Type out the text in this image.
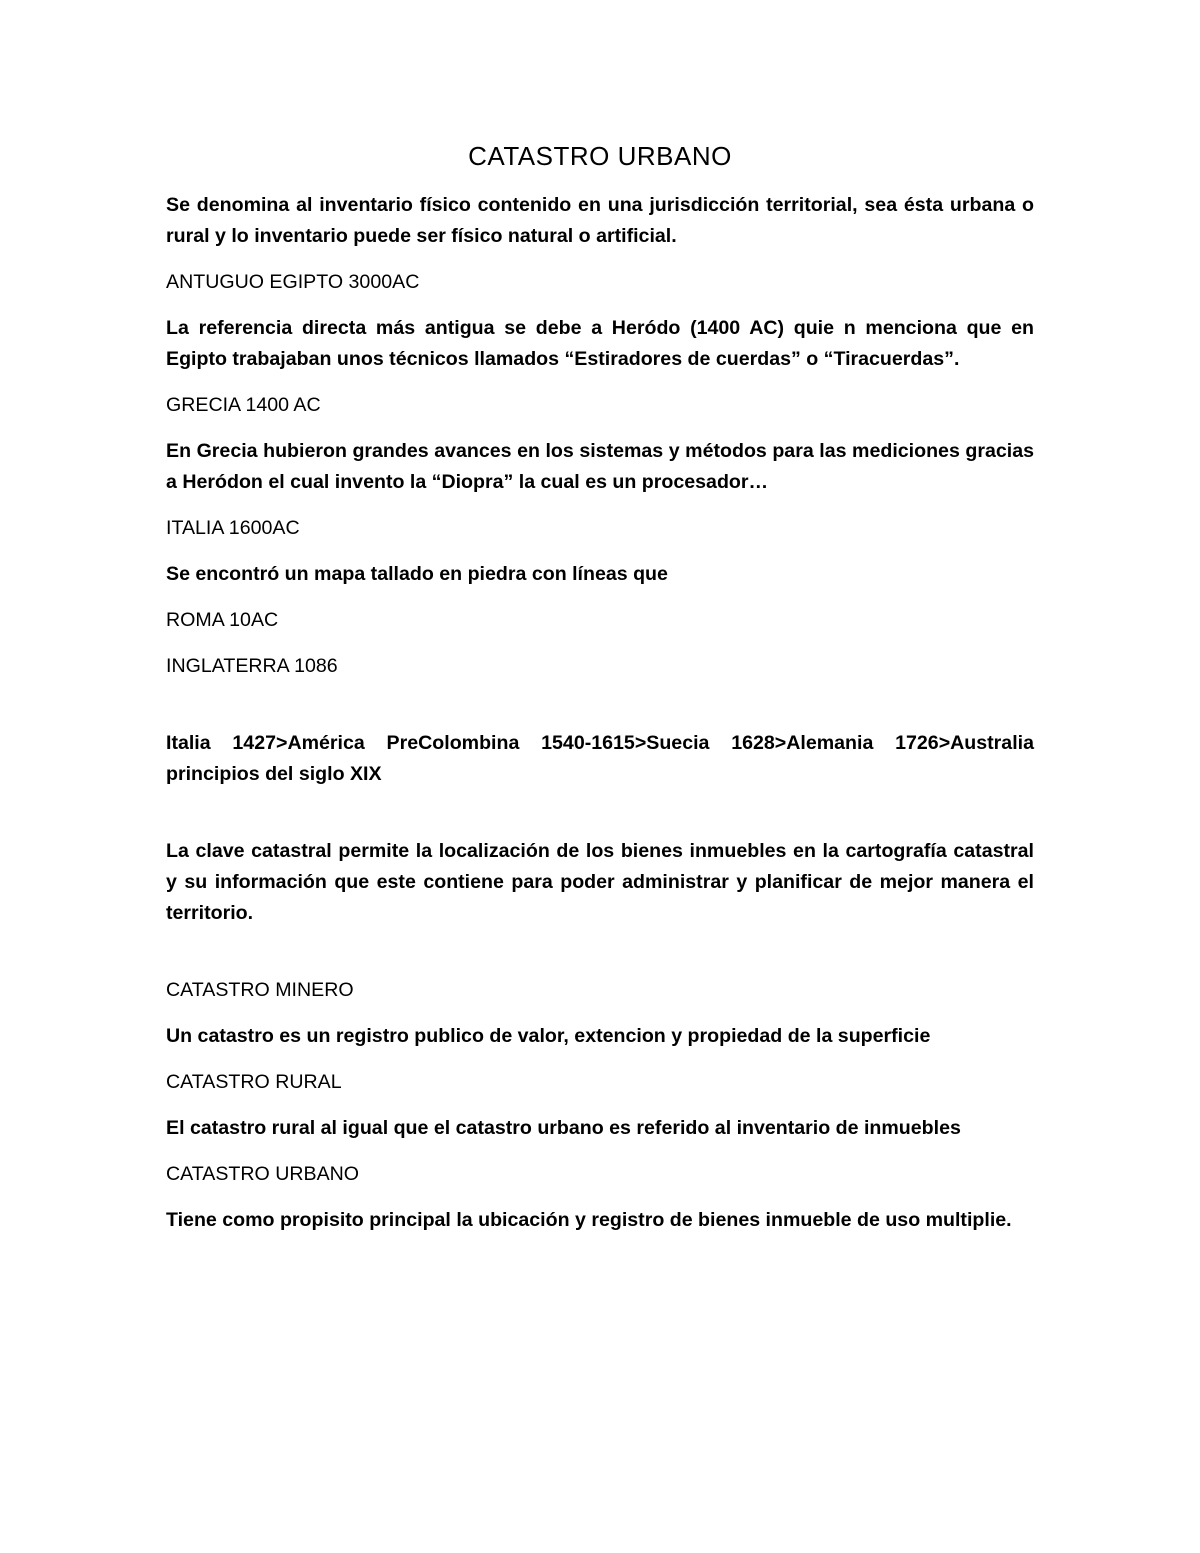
CATASTRO URBANO

Se denomina al inventario físico contenido en una jurisdicción territorial, sea ésta urbana o rural y lo inventario puede ser físico natural o artificial.

ANTUGUO EGIPTO 3000AC

La referencia directa más antigua se debe a Heródo (1400 AC) quie n menciona que en Egipto trabajaban unos técnicos llamados “Estiradores de cuerdas” o “Tiracuerdas”.

GRECIA 1400 AC

En Grecia hubieron grandes avances en los sistemas y métodos para las mediciones gracias a Heródon el cual invento la “Diopra” la cual es un procesador…

ITALIA 1600AC

Se encontró un mapa tallado en piedra con líneas que

ROMA 10AC

INGLATERRA 1086

Italia 1427>América PreColombina 1540-1615>Suecia 1628>Alemania 1726>Australia principios del siglo XIX

La clave catastral permite la localización de los bienes inmuebles en la cartografía catastral y su información que este contiene para poder administrar y planificar de mejor manera el territorio.

CATASTRO MINERO

Un catastro es un registro publico de valor, extencion y propiedad de la superficie

CATASTRO RURAL

El catastro rural al igual que el catastro urbano es referido al inventario de inmuebles

CATASTRO URBANO

Tiene como propisito principal la ubicación y registro de bienes inmueble de uso multiplie.
